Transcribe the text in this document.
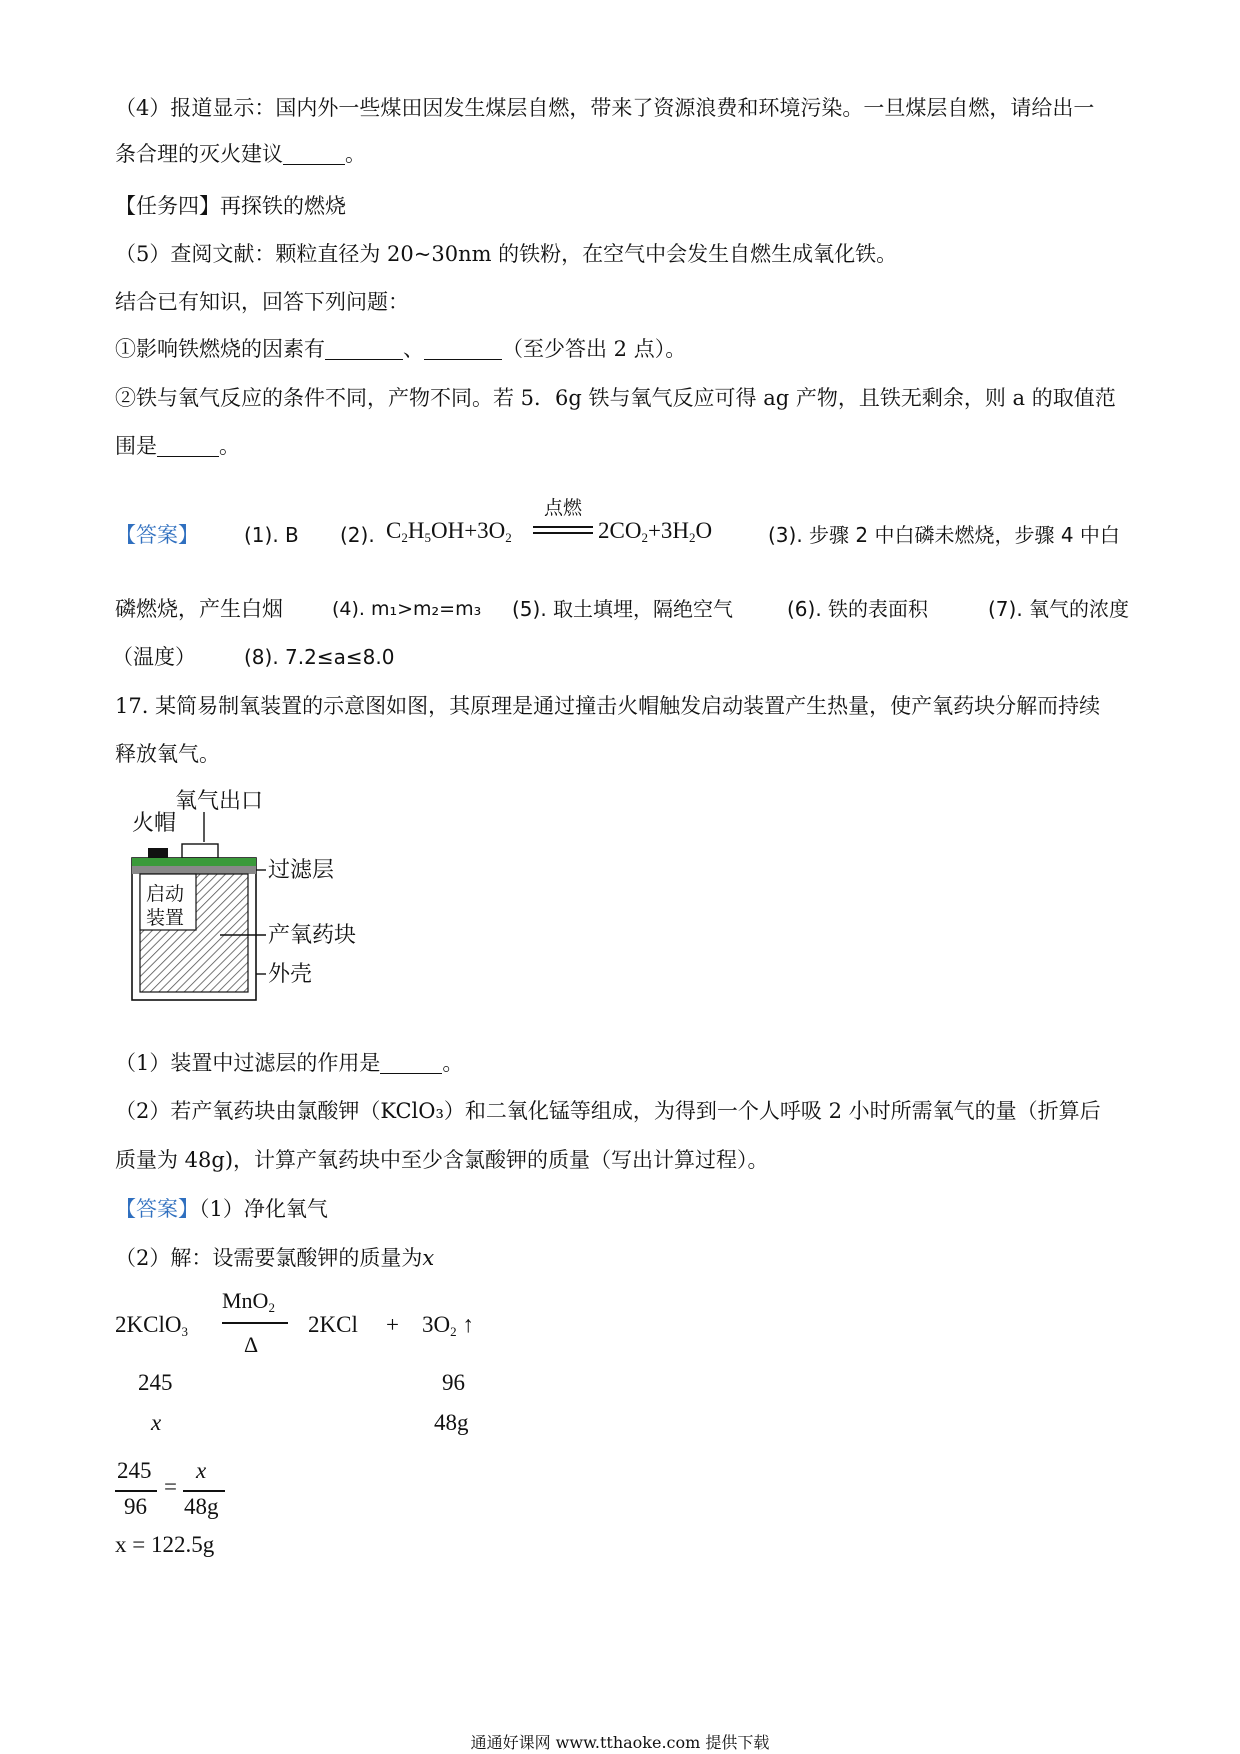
（4）报道显示：国内外一些煤田因发生煤层自燃，带来了资源浪费和环境污染。一旦煤层自燃，请给出一
条合理的灭火建议	。
【任务四】再探铁的燃烧
（5）查阅文献：颗粒直径为 20~30nm 的铁粉，在空气中会发生自燃生成氧化铁。
结合已有知识，回答下列问题：
①影响铁燃烧的因素有	、	（至少答出 2 点）。
②铁与氧气反应的条件不同，产物不同。若 5．6g 铁与氧气反应可得 ag 产物，且铁无剩余，则 a 的取值范
围是	。
【答案】 (1). B (2). $C_2H_5OH+3O_2$
点燃
$2CO_2+3H_2O$	(3). 步骤 2 中白磷未燃烧，步骤 4 中白
磷燃烧，产生白烟	(4). m₁>m₂=m₃ (5). 取土填埋，隔绝空气	(6). 铁的表面积	(7). 氧气的浓度
（温度） (8). 7.2≤a≤8.0
17. 某简易制氧装置的示意图如图，其原理是通过撞击火帽触发启动装置产生热量，使产氧药块分解而持续
释放氧气。
火帽
氧气出口
启动
装置
过滤层
产氧药块
外壳
（1）装置中过滤层的作用是	。
（2）若产氧药块由氯酸钾（KClO₃）和二氧化锰等组成，为得到一个人呼吸 2 小时所需氧气的量（折算后
质量为 48g)，计算产氧药块中至少含氯酸钾的质量（写出计算过程）。
【答案】（1）净化氧气
（2）解：设需要氯酸钾的质量为x
2KClO$_3$
MnO$_2$
Δ
$2KCl + 3O_2$ ↑
245	96
x	48g
245
96
=
x
48g
x = 122.5g
通通好课网 www.tthaoke.com 提供下载
